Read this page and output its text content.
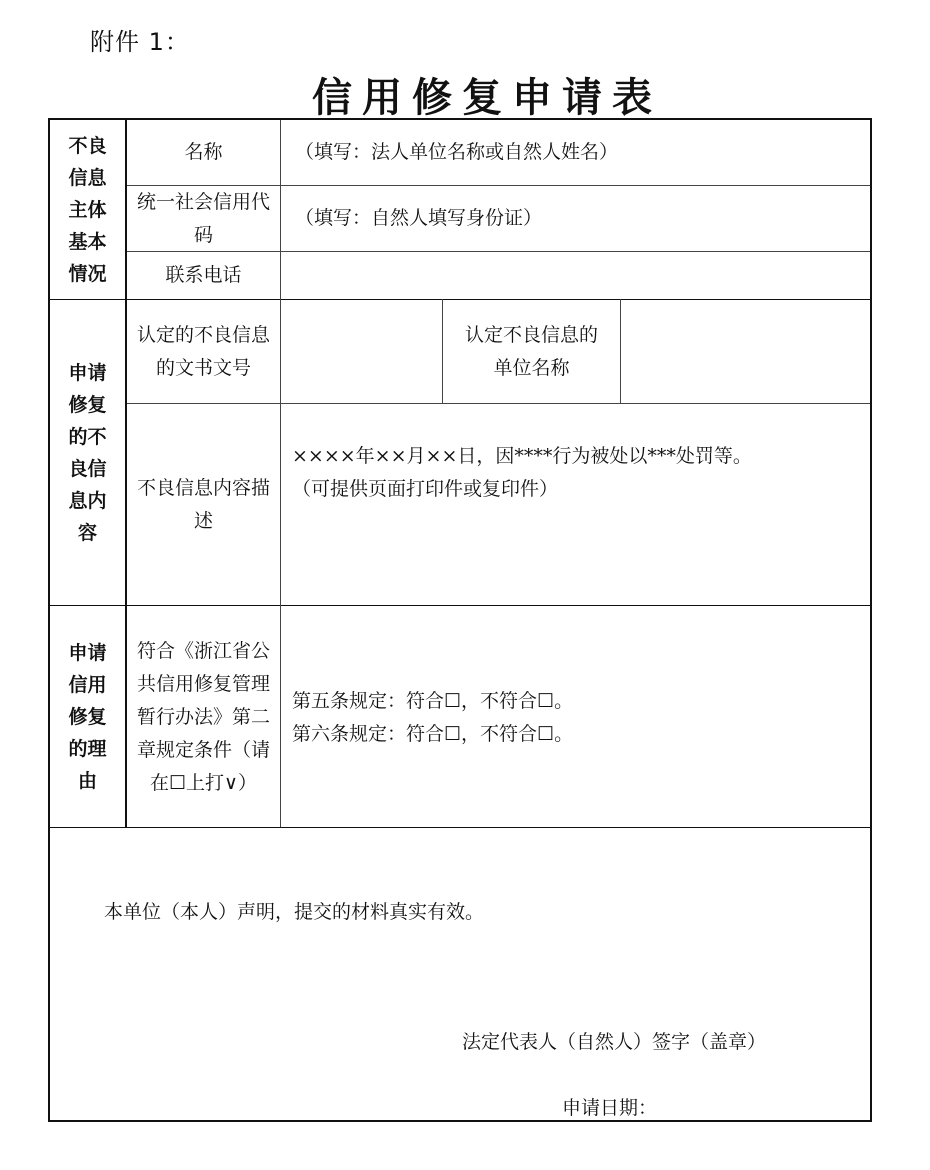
附件 1：
信用修复申请表
不良信息主体基本情况
名称	（填写：法人单位名称或自然人姓名）
统一社会信用代码
（填写：自然人填写身份证）
联系电话
申请修复的不良信息内容
认定的不良信息的文书文号
认定不良信息的单位名称
不良信息内容描述
××××年××月××日，因****行为被处以***处罚等。
（可提供页面打印件或复印件）
申请信用修复的理由
符合《浙江省公共信用修复管理暂行办法》第二章规定条件（请在☐上打∨）
第五条规定：符合☐，不符合☐。
第六条规定：符合☐，不符合☐。
本单位（本人）声明，提交的材料真实有效。
法定代表人（自然人）签字（盖章）
申请日期：
